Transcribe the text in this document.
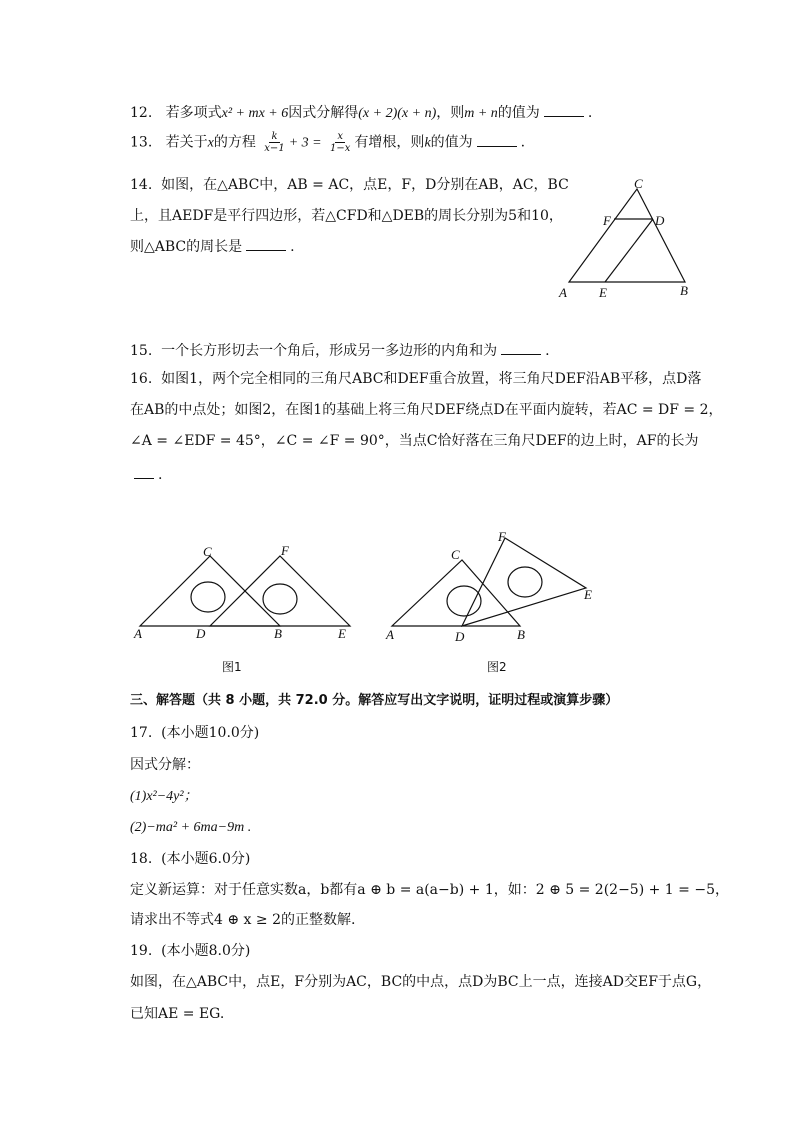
12. 若多项式x² + mx + 6因式分解得(x + 2)(x + n)，则m + n的值为	.
13. 若关于x的方程 $\frac{k}{x-1} + 3 = \frac{x}{1-x}$ 有增根，则k的值为	.
14. 如图，在△ABC中，AB = AC，点E，F，D分别在AB，AC，BC
上，且AEDF是平行四边形，若△CFD和△DEB的周长分别为5和10，
则△ABC的周长是	.
C
F	D
A E	B
15. 一个长方形切去一个角后，形成另一多边形的内角和为	.
16. 如图1，两个完全相同的三角尺ABC和DEF重合放置，将三角尺DEF沿AB平移，点D落
在AB的中点处；如图2，在图1的基础上将三角尺DEF绕点D在平面内旋转，若AC = DF = 2，
∠A = ∠EDF = 45°，∠C = ∠F = 90°，当点C恰好落在三角尺DEF的边上时，AF的长为
.
C	F
A	D	B	E
图1
C
F
E
A	D	B
图2
三、解答题（共 8 小题，共 72.0 分。解答应写出文字说明，证明过程或演算步骤）
17. (本小题10.0分)
因式分解：
(1)x²−4y²；
(2)−ma² + 6ma−9m .
18. (本小题6.0分)
定义新运算：对于任意实数a，b都有a ⊕ b = a(a−b) + 1，如：2 ⊕ 5 = 2(2−5) + 1 = −5，
请求出不等式4 ⊕ x ≥ 2的正整数解.
19. (本小题8.0分)
如图，在△ABC中，点E，F分别为AC，BC的中点，点D为BC上一点，连接AD交EF于点G，
已知AE = EG.
